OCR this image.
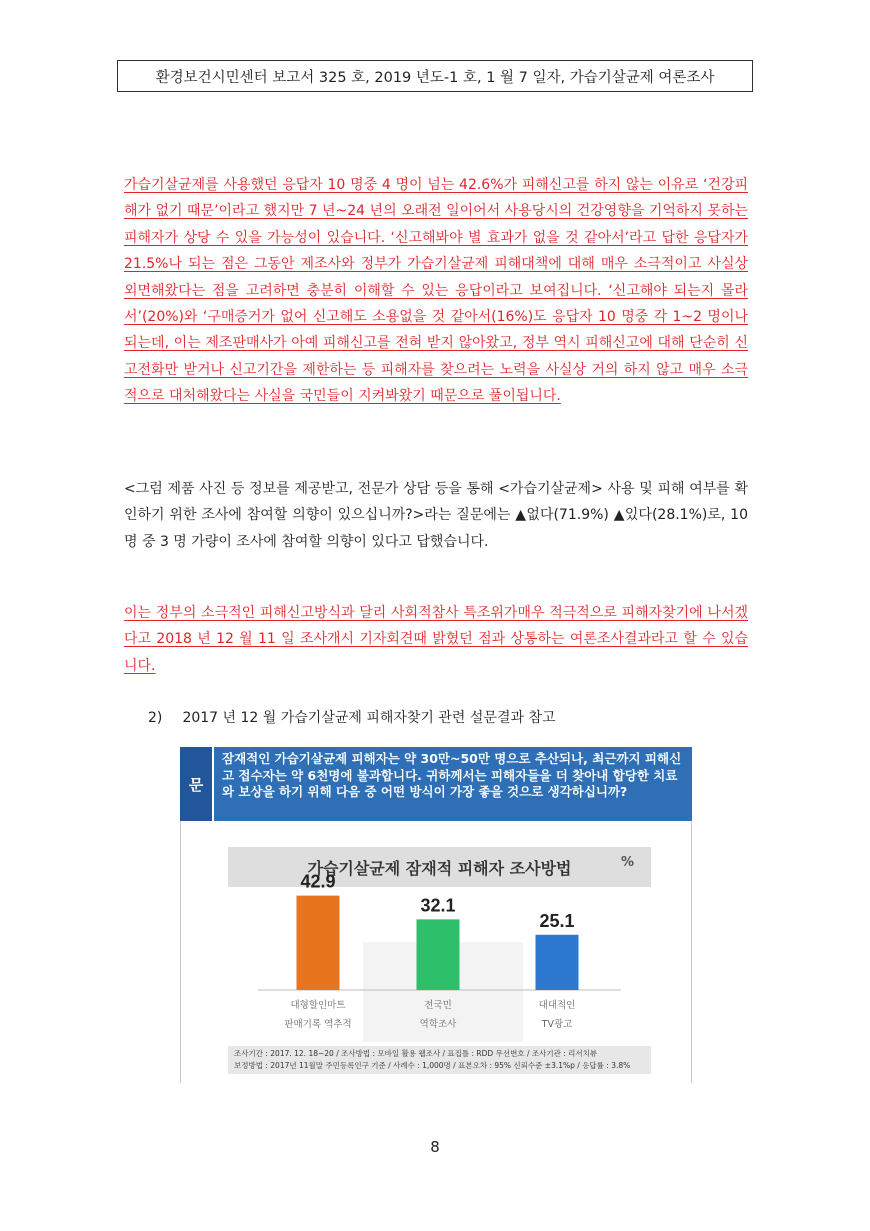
환경보건시민센터 보고서 325 호, 2019 년도-1 호, 1 월 7 일자, 가습기살균제 여론조사

가습기살균제를 사용했던 응답자 10 명중 4 명이 넘는 42.6%가 피해신고를 하지 않는 이유로 ‘건강피해가 없기 때문’이라고 했지만 7 년~24 년의 오래전 일이어서 사용당시의 건강영향을 기억하지 못하는 피해자가 상당 수 있을 가능성이 있습니다. ‘신고해봐야 별 효과가 없을 것 같아서’라고 답한 응답자가 21.5%나 되는 점은 그동안 제조사와 정부가 가습기살균제 피해대책에 대해 매우 소극적이고 사실상 외면해왔다는 점을 고려하면 충분히 이해할 수 있는 응답이라고 보여집니다. ‘신고해야 되는지 몰라서’(20%)와 ‘구매증거가 없어 신고해도 소용없을 것 같아서(16%)도 응답자 10 명중 각 1~2 명이나 되는데, 이는 제조판매사가 아예 피해신고를 전혀 받지 않아왔고, 정부 역시 피해신고에 대해 단순히 신고전화만 받거나 신고기간을 제한하는 등 피해자를 찾으려는 노력을 사실상 거의 하지 않고 매우 소극적으로 대처해왔다는 사실을 국민들이 지켜봐왔기 때문으로 풀이됩니다.

<그럼 제품 사진 등 정보를 제공받고, 전문가 상담 등을 통해 <가습기살균제> 사용 및 피해 여부를 확인하기 위한 조사에 참여할 의향이 있으십니까?>라는 질문에는 ▲없다(71.9%) ▲있다(28.1%)로, 10 명 중 3 명 가량이 조사에 참여할 의향이 있다고 답했습니다.

이는 정부의 소극적인 피해신고방식과 달리 사회적참사 특조위가매우 적극적으로 피해자찾기에 나서겠다고 2018 년 12 월 11 일 조사개시 기자회견때 밝혔던 점과 상통하는 여론조사결과라고 할 수 있습니다.

2) 2017 년 12 월 가습기살균제 피해자찾기 관련 설문결과 참고
문
잠재적인 가습기살균제 피해자는 약 30만~50만 명으로 추산되나, 최근까지 피해신고 접수자는 약 6천명에 불과합니다. 귀하께서는 피해자들을 더 찾아내 합당한 치료와 보상을 하기 위해 다음 중 어떤 방식이 가장 좋을 것으로 생각하십니까?
가습기살균제 잠재적 피해자 조사방법	%
42.9
대형할인마트
판매기록 역추적
32.1
전국민
역학조사
25.1
대대적인
TV광고
조사기간 : 2017. 12. 18~20 / 조사방법 : 모바일 활용 웹조사 / 표집틀 : RDD 무선번호 / 조사기관 : 리서치뷰
보정방법 : 2017년 11월말 주민등록인구 기준 / 사례수 : 1,000명 / 표본오차 : 95% 신뢰수준 ±3.1%p / 응답률 : 3.8%
8
